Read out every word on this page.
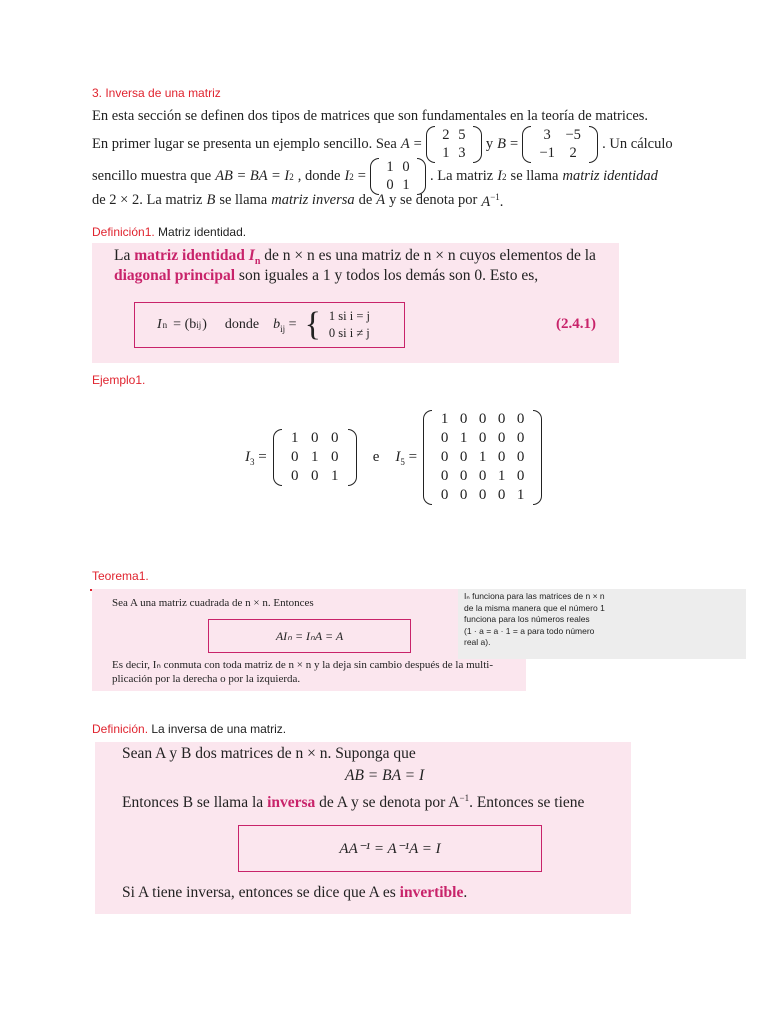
3. Inversa de una matriz
En esta sección se definen dos tipos de matrices que son fundamentales en la teoría de matrices.
En primer lugar se presenta un ejemplo sencillo. Sea A =
2 5
1 3
y B =
3	−5
−1	2
. Un cálculo
sencillo muestra que AB = BA = I 2 , donde I 2 =
1 0
0 1
. La matriz I 2 se llama matriz identidad
de 2 × 2. La matriz B se llama matriz inversa de A y se denota por $A^{-1}$.
Definición1. Matriz identidad.
La matriz identidad $I_n$ de n × n es una matriz de n × n cuyos elementos de la
diagonal principal son iguales a 1 y todos los demás son 0. Esto es,
I n = (b ij ) donde $b_{ij}$ = { 1 si i = j
0 si i ≠ j
(2.4.1)
Ejemplo1.
$I_3$ =
1 0 0
0 1 0
0 0 1
e $I_5$ =
1 0 0 0 0
0 1 0 0 0
0 0 1 0 0
0 0 0 1 0
0 0 0 0 1
Teorema1.
Sea A una matriz cuadrada de n × n. Entonces
AIₙ = IₙA = A
Es decir, Iₙ conmuta con toda matriz de n × n y la deja sin cambio después de la multi-
plicación por la derecha o por la izquierda.
Iₙ funciona para las matrices de n × n
de la misma manera que el número 1
funciona para los números reales
(1 · a = a · 1 = a para todo número
real a).
Definición. La inversa de una matriz.
Sean A y B dos matrices de n × n. Suponga que
AB = BA = I
Entonces B se llama la inversa de A y se denota por $A^{-1}$. Entonces se tiene
AA⁻¹ = A⁻¹A = I
Si A tiene inversa, entonces se dice que A es invertible.
